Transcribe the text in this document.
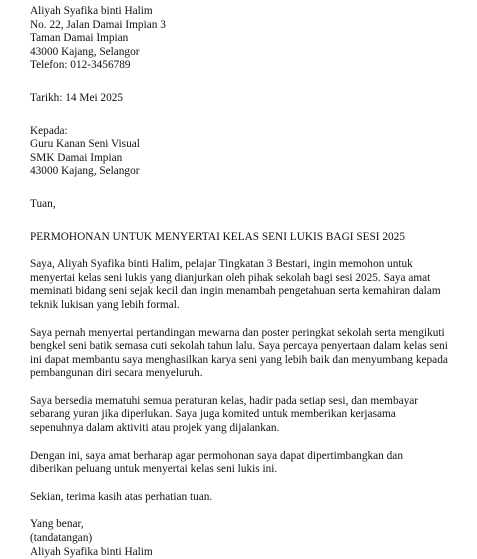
Aliyah Syafika binti Halim
No. 22, Jalan Damai Impian 3
Taman Damai Impian
43000 Kajang, Selangor
Telefon: 012-3456789
Tarikh: 14 Mei 2025
Kepada:
Guru Kanan Seni Visual
SMK Damai Impian
43000 Kajang, Selangor
Tuan,
PERMOHONAN UNTUK MENYERTAI KELAS SENI LUKIS BAGI SESI 2025
Saya, Aliyah Syafika binti Halim, pelajar Tingkatan 3 Bestari, ingin memohon untuk menyertai kelas seni lukis yang dianjurkan oleh pihak sekolah bagi sesi 2025. Saya amat meminati bidang seni sejak kecil dan ingin menambah pengetahuan serta kemahiran dalam teknik lukisan yang lebih formal.
Saya pernah menyertai pertandingan mewarna dan poster peringkat sekolah serta mengikuti bengkel seni batik semasa cuti sekolah tahun lalu. Saya percaya penyertaan dalam kelas seni ini dapat membantu saya menghasilkan karya seni yang lebih baik dan menyumbang kepada pembangunan diri secara menyeluruh.
Saya bersedia mematuhi semua peraturan kelas, hadir pada setiap sesi, dan membayar sebarang yuran jika diperlukan. Saya juga komited untuk memberikan kerjasama sepenuhnya dalam aktiviti atau projek yang dijalankan.
Dengan ini, saya amat berharap agar permohonan saya dapat dipertimbangkan dan diberikan peluang untuk menyertai kelas seni lukis ini.
Sekian, terima kasih atas perhatian tuan.
Yang benar,
(tandatangan)
Aliyah Syafika binti Halim
